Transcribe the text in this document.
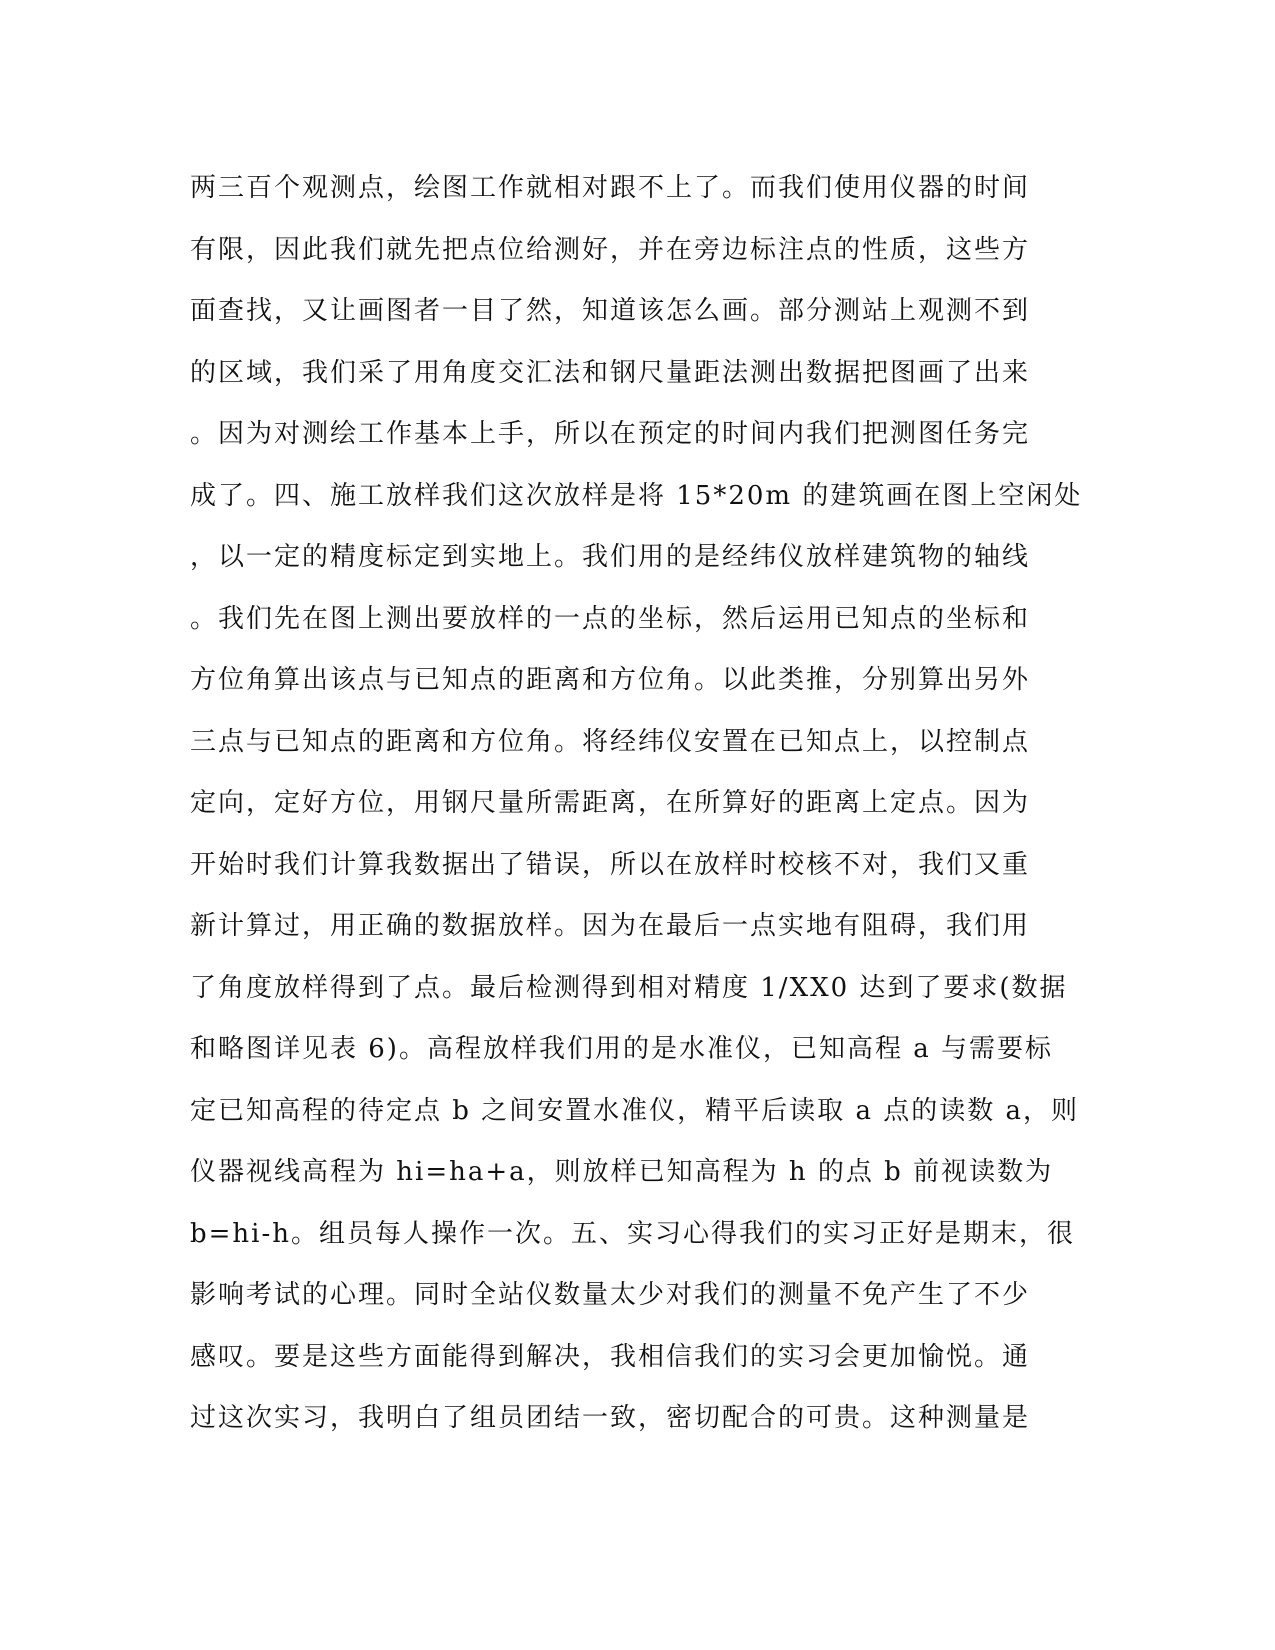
两三百个观测点，绘图工作就相对跟不上了。而我们使用仪器的时间
有限，因此我们就先把点位给测好，并在旁边标注点的性质，这些方
面查找，又让画图者一目了然，知道该怎么画。部分测站上观测不到
的区域，我们采了用角度交汇法和钢尺量距法测出数据把图画了出来
。因为对测绘工作基本上手，所以在预定的时间内我们把测图任务完
成了。四、施工放样我们这次放样是将 15*20m 的建筑画在图上空闲处
，以一定的精度标定到实地上。我们用的是经纬仪放样建筑物的轴线
。我们先在图上测出要放样的一点的坐标，然后运用已知点的坐标和
方位角算出该点与已知点的距离和方位角。以此类推，分别算出另外
三点与已知点的距离和方位角。将经纬仪安置在已知点上，以控制点
定向，定好方位，用钢尺量所需距离，在所算好的距离上定点。因为
开始时我们计算我数据出了错误，所以在放样时校核不对，我们又重
新计算过，用正确的数据放样。因为在最后一点实地有阻碍，我们用
了角度放样得到了点。最后检测得到相对精度 1/XX0 达到了要求(数据
和略图详见表 6)。高程放样我们用的是水准仪，已知高程 a 与需要标
定已知高程的待定点 b 之间安置水准仪，精平后读取 a 点的读数 a，则
仪器视线高程为 hi=ha+a，则放样已知高程为 h 的点 b 前视读数为
b=hi-h。组员每人操作一次。五、实习心得我们的实习正好是期末，很
影响考试的心理。同时全站仪数量太少对我们的测量不免产生了不少
感叹。要是这些方面能得到解决，我相信我们的实习会更加愉悦。通
过这次实习，我明白了组员团结一致，密切配合的可贵。这种测量是
